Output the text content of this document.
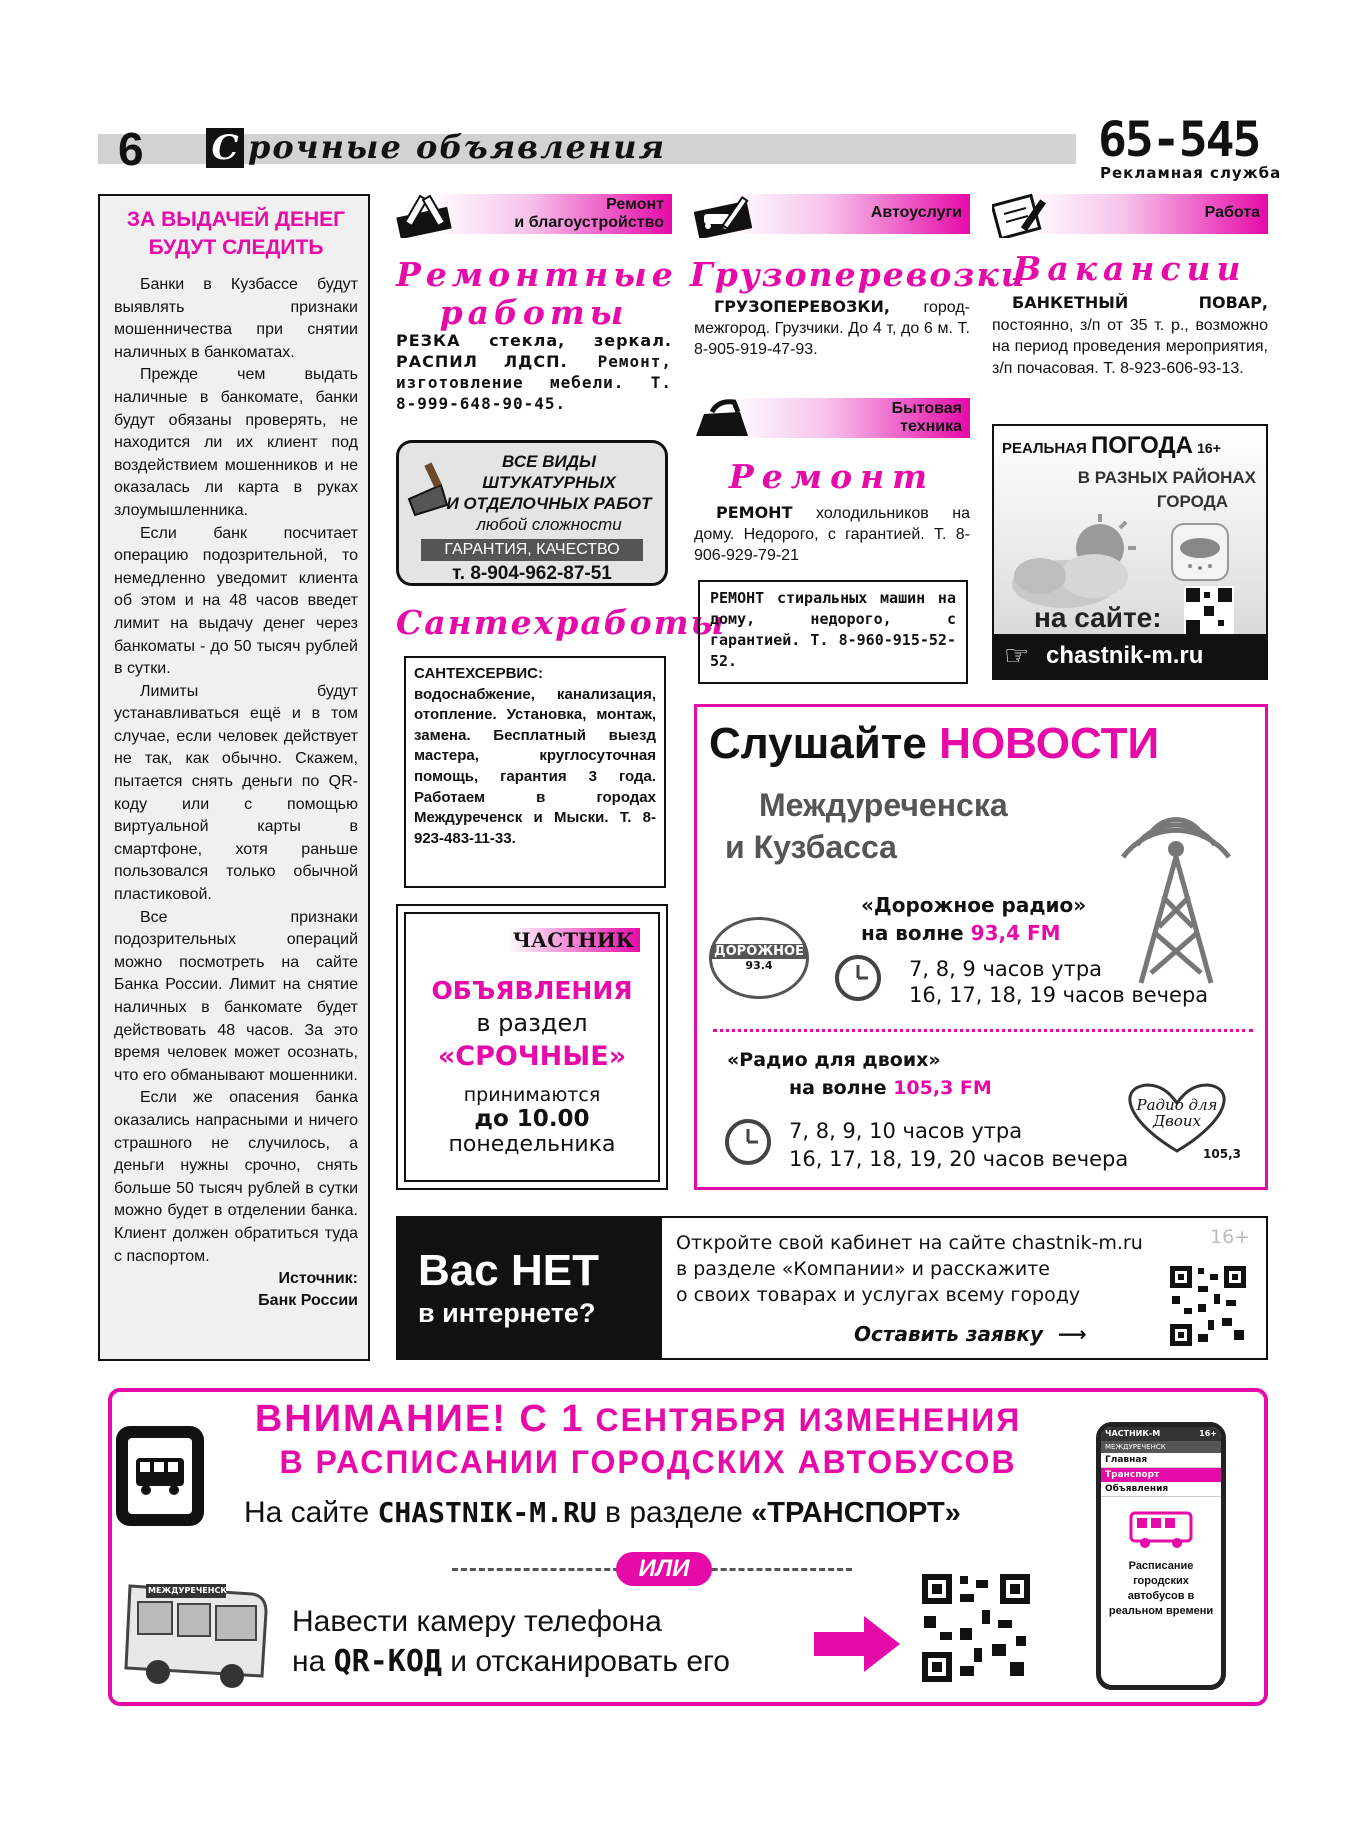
6 С рочные объявления	65-545
Рекламная служба
ЗА ВЫДАЧЕЙ ДЕНЕГ БУДУТ СЛЕДИТЬ

Банки в Кузбассе будут выявлять признаки мошенничества при снятии наличных в банкоматах.

Прежде чем выдать наличные в банкомате, банки будут обязаны проверять, не находится ли их клиент под воздействием мошенников и не оказалась ли карта в руках злоумышленника.

Если банк посчитает операцию подозрительной, то немедленно уведомит клиента об этом и на 48 часов введет лимит на выдачу денег через банкоматы - до 50 тысяч рублей в сутки.

Лимиты будут устанавливаться ещё и в том случае, если человек действует не так, как обычно. Скажем, пытается снять деньги по QR-коду или с помощью виртуальной карты в смартфоне, хотя раньше пользовался только обычной пластиковой.

Все признаки подозрительных операций можно посмотреть на сайте Банка России. Лимит на снятие наличных в банкомате будет действовать 48 часов. За это время человек может осознать, что его обманывают мошенники.

Если же опасения банка оказались напрасными и ничего страшного не случилось, а деньги нужны срочно, снять больше 50 тысяч рублей в сутки можно будет в отделении банка. Клиент должен обратиться туда с паспортом.

Источник:
Банк России
Ремонт
и благоустройство
Ремонтные
работы
РЕЗКА стекла, зеркал. РАСПИЛ ЛДСП. Ремонт, изготовление мебели. Т. 8-999-648-90-45.
ВСЕ ВИДЫ
ШТУКАТУРНЫХ
И ОТДЕЛОЧНЫХ РАБОТ
любой сложности
ГАРАНТИЯ, КАЧЕСТВО
т. 8-904-962-87-51
Сантехработы
САНТЕХСЕРВИС: водоснабжение, канализация, отопление. Установка, монтаж, замена. Бесплатный выезд мастера, круглосуточная помощь, гарантия 3 года. Работаем в городах Междуреченск и Мыски. Т. 8-923-483-11-33.
ЧАСТНИК
ОБЪЯВЛЕНИЯ
в раздел
«СРОЧНЫЕ»
принимаются
до 10.00
понедельника
Автоуслуги
Грузоперевозки
ГРУЗОПЕРЕВОЗКИ, город-межгород. Грузчики. До 4 т, до 6 м. Т. 8-905-919-47-93.
Бытовая
техника
Ремонт
РЕМОНТ холодильников на дому. Недорого, с гарантией. Т. 8-906-929-79-21
РЕМОНТ стиральных машин на дому, недорого, с гарантией. Т. 8-960-915-52-52.
Работа
Вакансии
БАНКЕТНЫЙ ПОВАР, постоянно, з/п от 35 т. р., возможно на период проведения мероприятия, з/п почасовая. Т. 8-923-606-93-13.
РЕАЛЬНАЯ ПОГОДА 16+
В РАЗНЫХ РАЙОНАХ
ГОРОДА
на сайте:
chastnik-m.ru
☞
Слушайте НОВОСТИ
Междуреченска
и Кузбасса
«Дорожное радио»
на волне 93,4 FM
ДОРОЖНОЕ
93.4	7, 8, 9 часов утра
16, 17, 18, 19 часов вечера
«Радио для двоих»
на волне 105,3 FM
7, 8, 9, 10 часов утра
16, 17, 18, 19, 20 часов вечера
Радио для Двоих
105,3
Вас НЕТ
в интернете?
Откройте свой кабинет на сайте chastnik-m.ru
в разделе «Компании» и расскажите
о своих товарах и услугах всему городу
16+
Оставить заявку ⟶
ВНИМАНИЕ! С 1 СЕНТЯБРЯ ИЗМЕНЕНИЯ
В РАСПИСАНИИ ГОРОДСКИХ АВТОБУСОВ
На сайте CHASTNIK-M.RU в разделе «ТРАНСПОРТ»
ИЛИ
МЕЖДУРЕЧЕНСК
Навести камеру телефона
на QR-КОД и отсканировать его
ЧАСТНИК-М	16+
МЕЖДУРЕЧЕНСК
Главная
Транспорт
Объявления
Расписание городских автобусов в реальном времени
